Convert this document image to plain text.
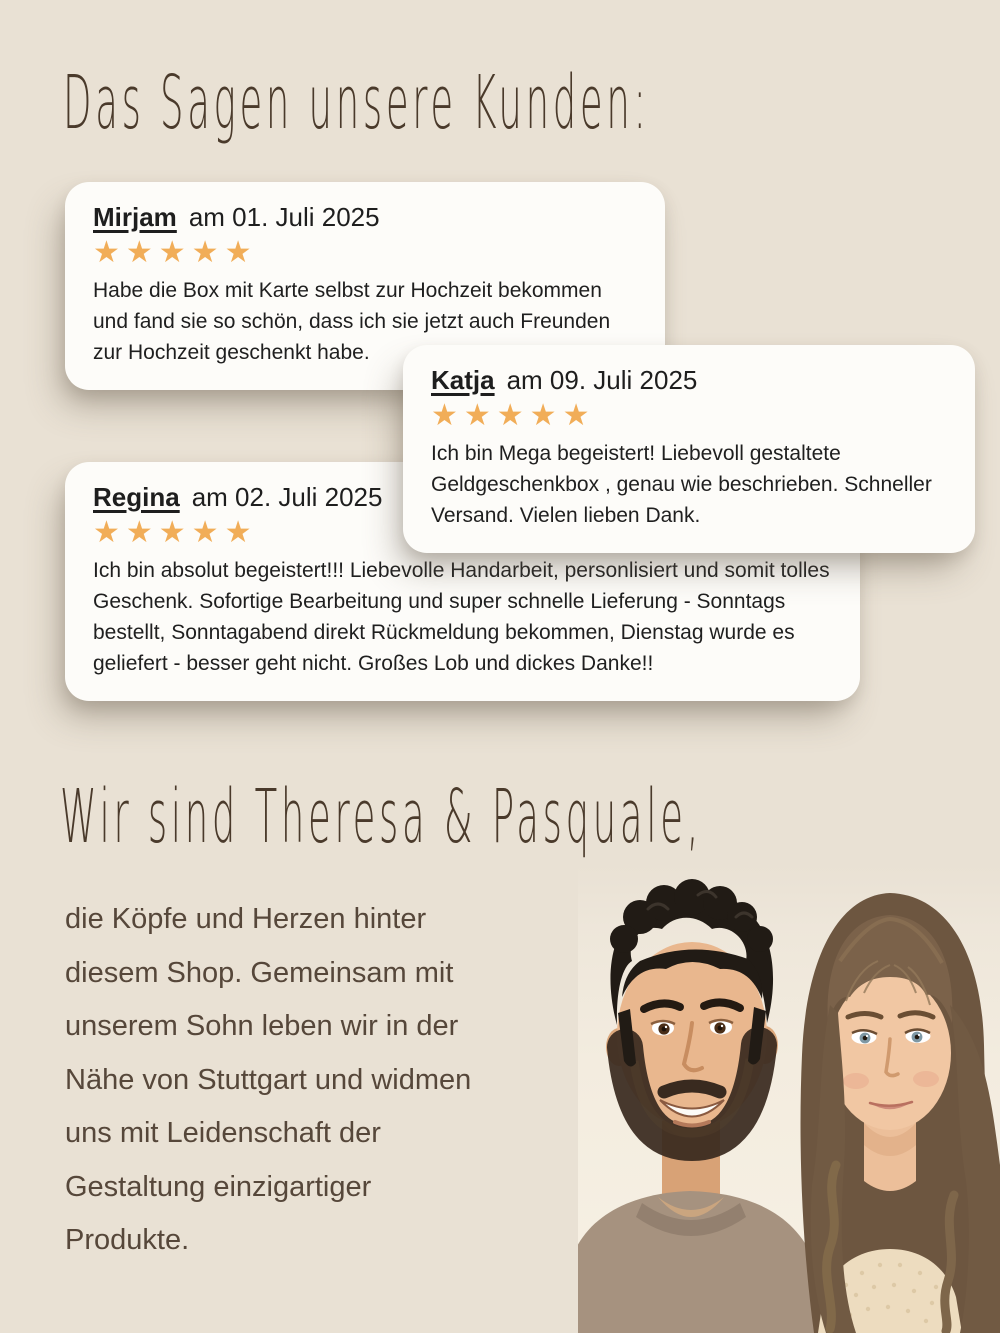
Das Sagen unsere Kunden:
Mirjam am 01. Juli 2025
★★★★★
Habe die Box mit Karte selbst zur Hochzeit bekommen und fand sie so schön, dass ich sie jetzt auch Freunden zur Hochzeit geschenkt habe.
Katja am 09. Juli 2025
★★★★★
Ich bin Mega begeistert! Liebevoll gestaltete Geldgeschenkbox , genau wie beschrieben. Schneller Versand. Vielen lieben Dank.
Regina am 02. Juli 2025
★★★★★
Ich bin absolut begeistert!!! Liebevolle Handarbeit, personlisiert und somit tolles Geschenk. Sofortige Bearbeitung und super schnelle Lieferung - Sonntags bestellt, Sonntagabend direkt Rückmeldung bekommen, Dienstag wurde es geliefert - besser geht nicht. Großes Lob und dickes Danke!!
Wir sind Theresa & Pasquale,
die Köpfe und Herzen hinter
diesem Shop. Gemeinsam mit
unserem Sohn leben wir in der
Nähe von Stuttgart und widmen
uns mit Leidenschaft der
Gestaltung einzigartiger
Produkte.
